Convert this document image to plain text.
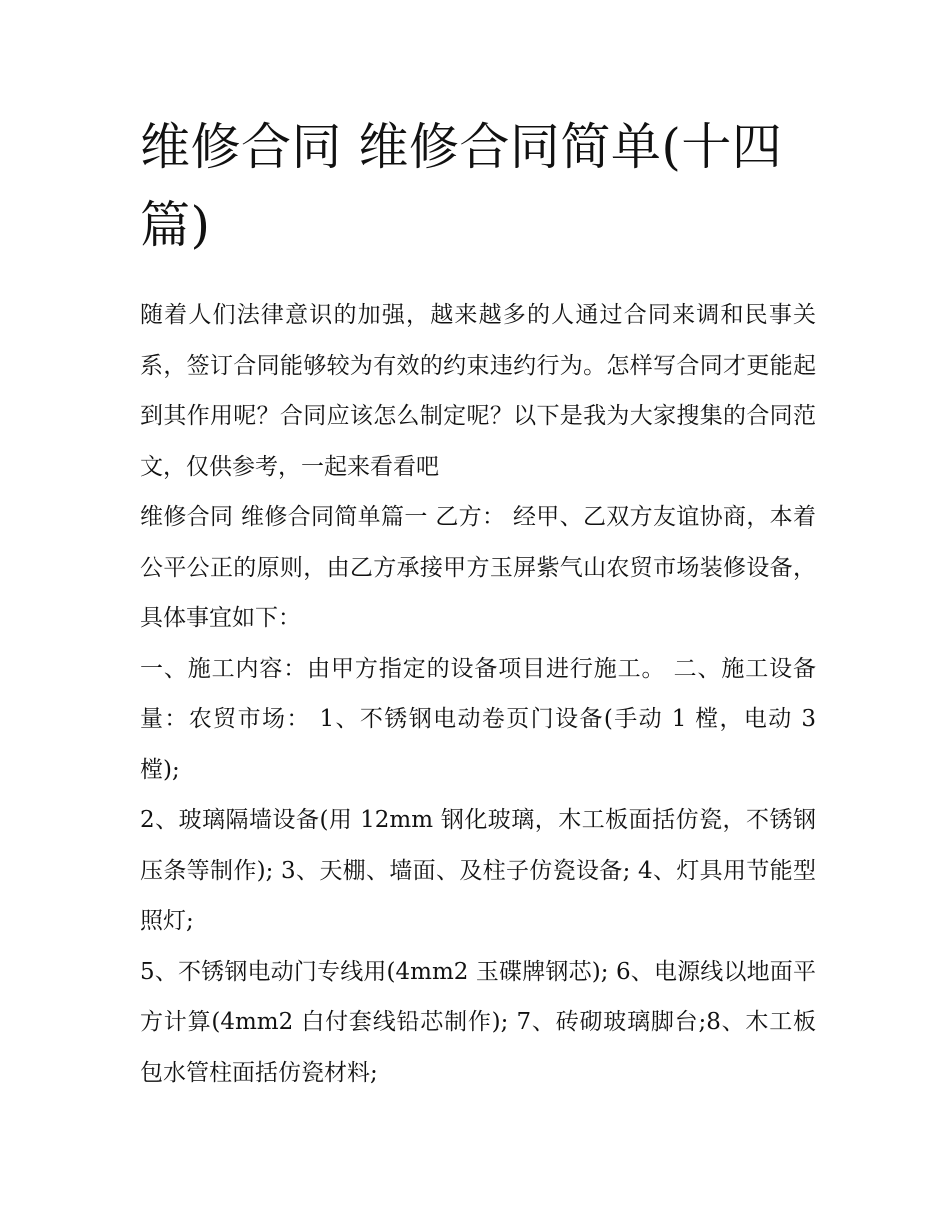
维修合同 维修合同简单(十四篇)

随着人们法律意识的加强，越来越多的人通过合同来调和民事关系，签订合同能够较为有效的约束违约行为。怎样写合同才更能起到其作用呢？合同应该怎么制定呢？以下是我为大家搜集的合同范文，仅供参考，一起来看看吧

维修合同 维修合同简单篇一 乙方： 经甲、乙双方友谊协商，本着公平公正的原则，由乙方承接甲方玉屏紫气山农贸市场装修设备，具体事宜如下：

一、施工内容：由甲方指定的设备项目进行施工。 二、施工设备量：农贸市场： 1、不锈钢电动卷页门设备(手动 1 樘，电动 3 樘);

2、玻璃隔墙设备(用 12mm 钢化玻璃，木工板面括仿瓷，不锈钢压条等制作); 3、天棚、墙面、及柱子仿瓷设备; 4、灯具用节能型照灯;

5、不锈钢电动门专线用(4mm2 玉碟牌钢芯); 6、电源线以地面平方计算(4mm2 白付套线铅芯制作); 7、砖砌玻璃脚台;8、木工板包水管柱面括仿瓷材料;
